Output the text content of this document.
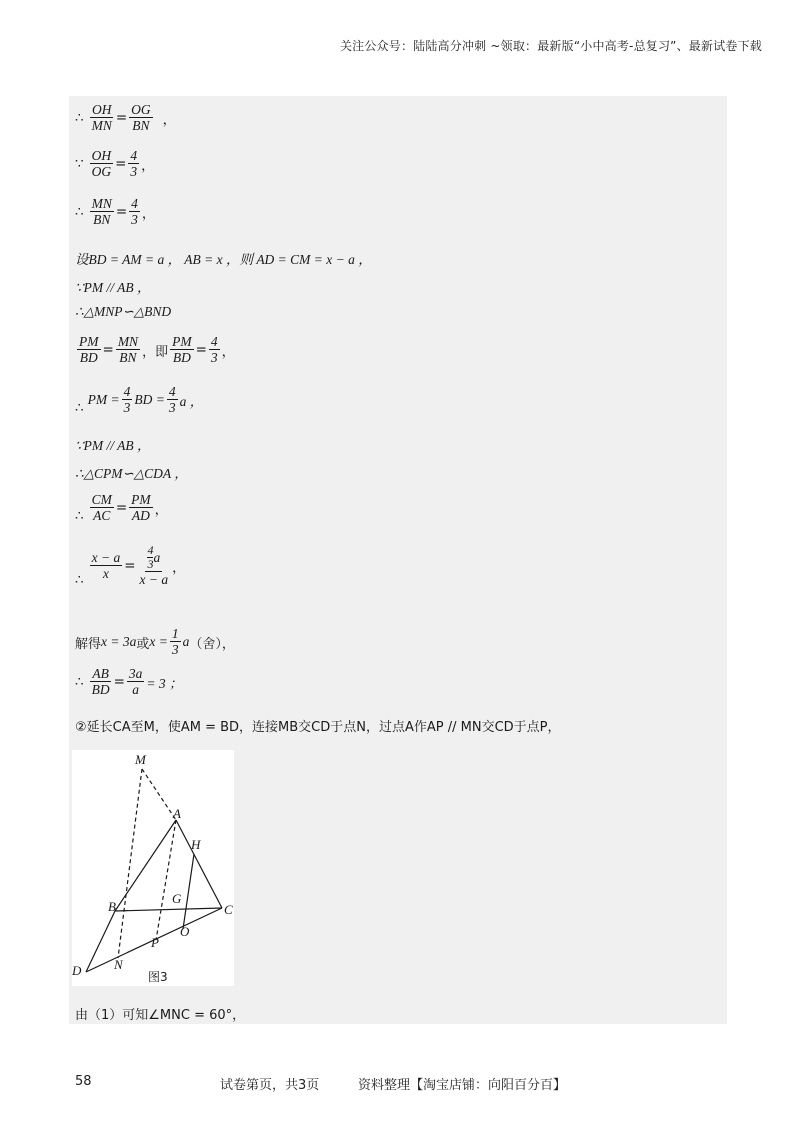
关注公众号：陆陆高分冲刺 ~领取：最新版“小中高考-总复习”、最新试卷下载
∴ $\frac{OH}{MN} = \frac{OG}{BN}$ ，
∵ $\frac{OH}{OG} = \frac{4}{3}$ ，
∴ $\frac{MN}{BN} = \frac{4}{3}$ ，
设BD = AM = a ， AB = x ，则 AD = CM = x − a ，
∵PM // AB ，
∴△MNP∽△BND
$\frac{PM}{BD} = \frac{MN}{BN}$ ，即 $\frac{PM}{BD} = \frac{4}{3}$ ，
∴
PM = $\frac{4}{3}$ BD = $\frac{4}{3}$ a ，
∵PM // AB ，
∴△CPM∽△CDA ，
∴ $\frac{CM}{AC} = \frac{PM}{AD}$ ，
∴ $\frac{x - a}{x} = 4$
3 a
x − a ，
解得 x = 3a 或 $x = \frac{1}{3}$ a （舍），
∴ $\frac{AB}{BD} = \frac{3a}{a} = 3$ ；
②延长CA至M，使AM = BD，连接MB交CD于点N，过点A作AP // MN交CD于点P，
M
A
H
B
G
C
O
P
D	N
图3
由（1）可知∠MNC = 60°，
58	试卷第页，共3页	资料整理【淘宝店铺：向阳百分百】
